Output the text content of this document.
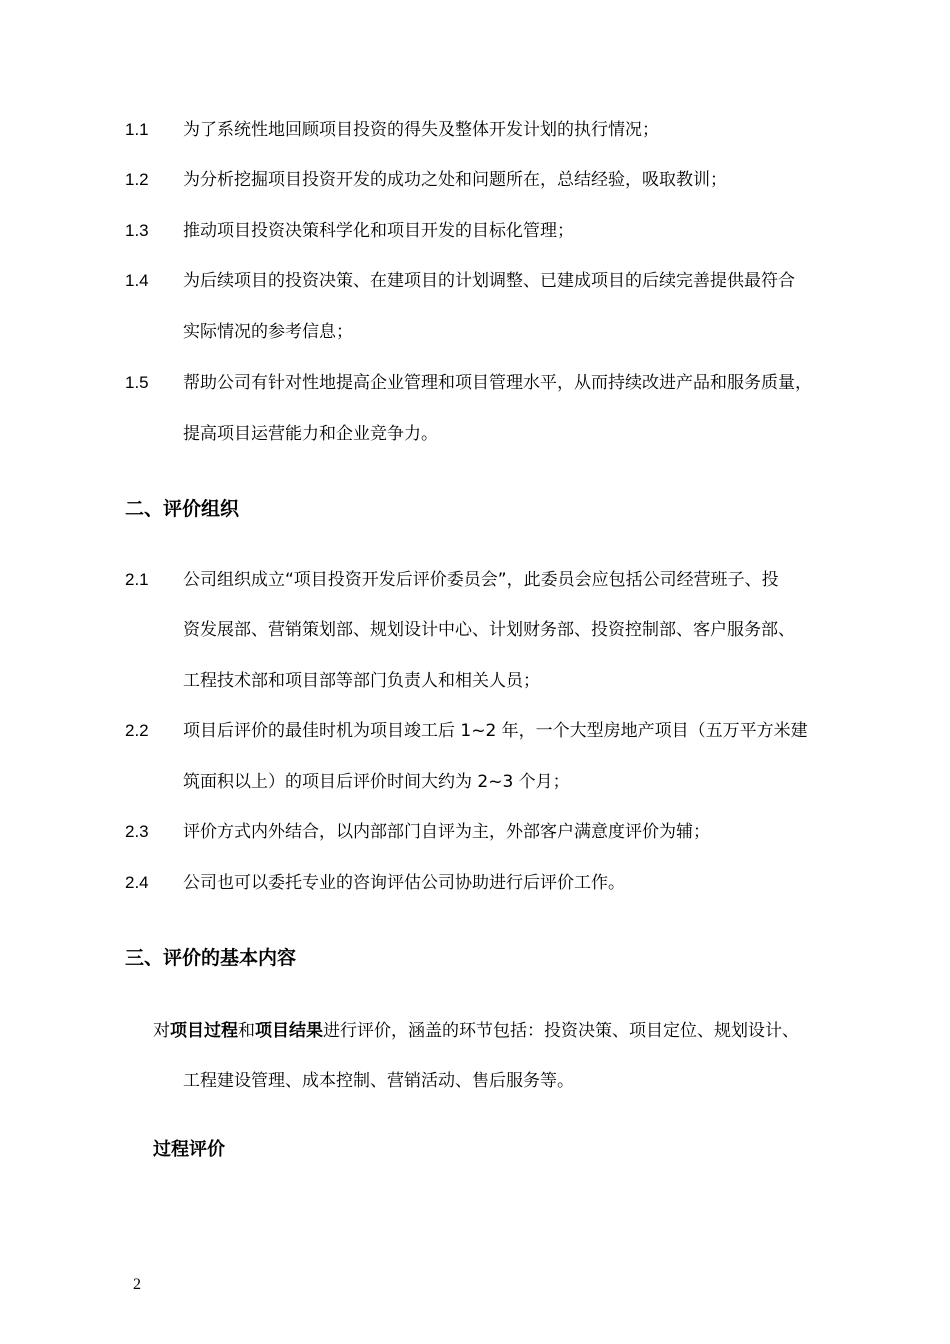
1.1 为了系统性地回顾项目投资的得失及整体开发计划的执行情况；
1.2 为分析挖掘项目投资开发的成功之处和问题所在，总结经验，吸取教训；
1.3 推动项目投资决策科学化和项目开发的目标化管理；
1.4 为后续项目的投资决策、在建项目的计划调整、已建成项目的后续完善提供最符合
实际情况的参考信息；
1.5 帮助公司有针对性地提高企业管理和项目管理水平，从而持续改进产品和服务质量，
提高项目运营能力和企业竞争力。
二、评价组织
2.1 公司组织成立“项目投资开发后评价委员会”，此委员会应包括公司经营班子、投
资发展部、营销策划部、规划设计中心、计划财务部、投资控制部、客户服务部、
工程技术部和项目部等部门负责人和相关人员；
2.2 项目后评价的最佳时机为项目竣工后 1~2 年，一个大型房地产项目（五万平方米建
筑面积以上）的项目后评价时间大约为 2~3 个月；
2.3 评价方式内外结合，以内部部门自评为主，外部客户满意度评价为辅；
2.4 公司也可以委托专业的咨询评估公司协助进行后评价工作。
三、评价的基本内容
对项目过程和项目结果进行评价，涵盖的环节包括：投资决策、项目定位、规划设计、
工程建设管理、成本控制、营销活动、售后服务等。
过程评价
2
